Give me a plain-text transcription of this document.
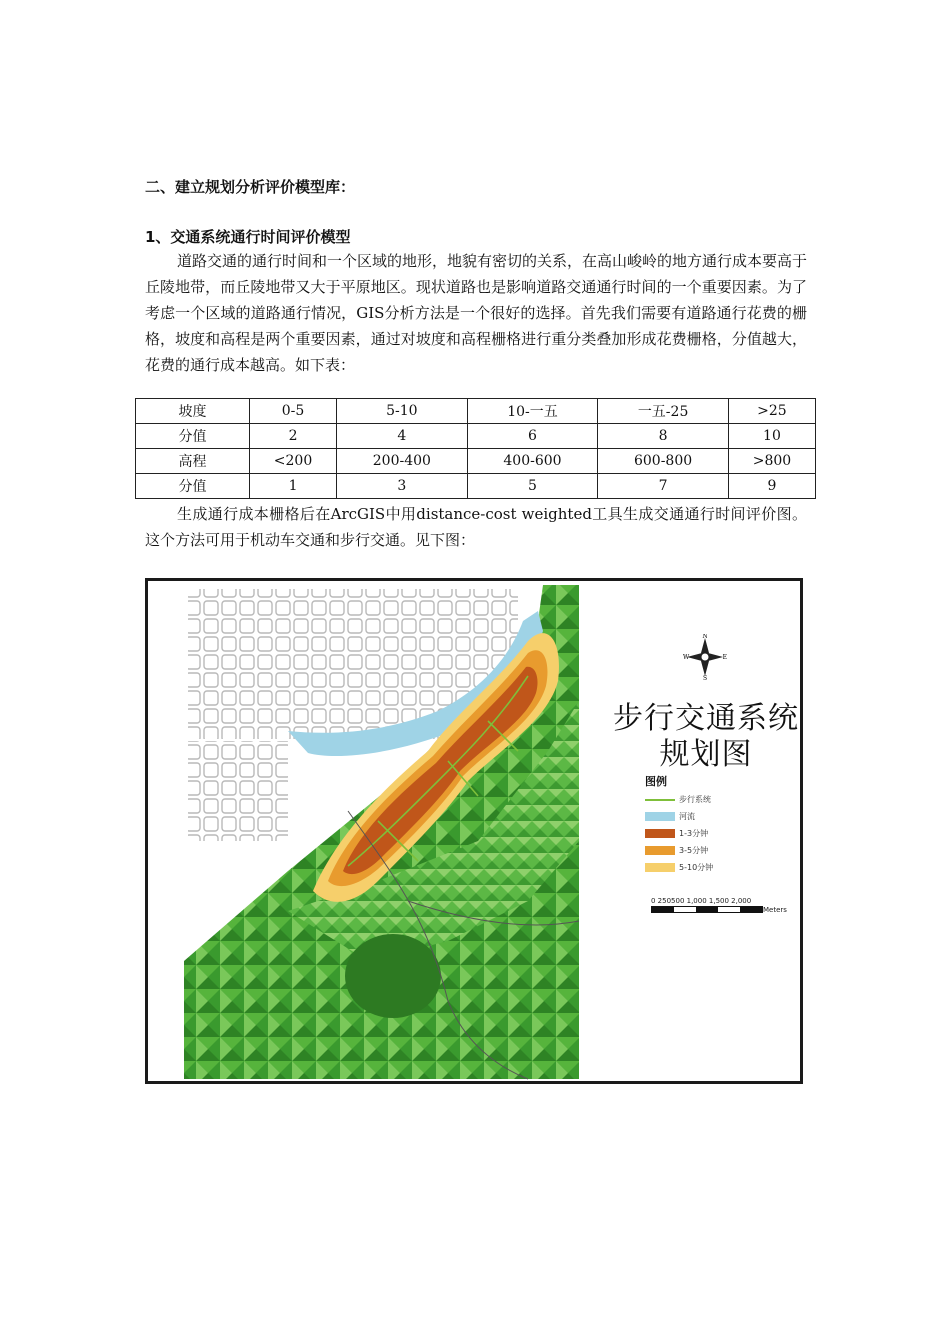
二、建立规划分析评价模型库：
1、交通系统通行时间评价模型

道路交通的通行时间和一个区域的地形，地貌有密切的关系，在高山峻岭的地方通行成本要高于丘陵地带，而丘陵地带又大于平原地区。现状道路也是影响道路交通通行时间的一个重要因素。为了考虑一个区域的道路通行情况，GIS分析方法是一个很好的选择。首先我们需要有道路通行花费的栅格，坡度和高程是两个重要因素，通过对坡度和高程栅格进行重分类叠加形成花费栅格，分值越大，花费的通行成本越高。如下表：

坡度	0-5	5-10	10-一五	一五-25	>25
分值	2	4	6	8	10
高程	<200	200-400	400-600	600-800	>800
分值	1	3	5	7	9

生成通行成本栅格后在ArcGIS中用distance-cost weighted工具生成交通通行时间评价图。这个方法可用于机动车交通和步行交通。见下图：

N
S
E
W
步行交通系统
规划图
图例
步行系统
河流
1-3分钟
3-5分钟
5-10分钟
0 250500 1,000 1,500 2,000
Meters
